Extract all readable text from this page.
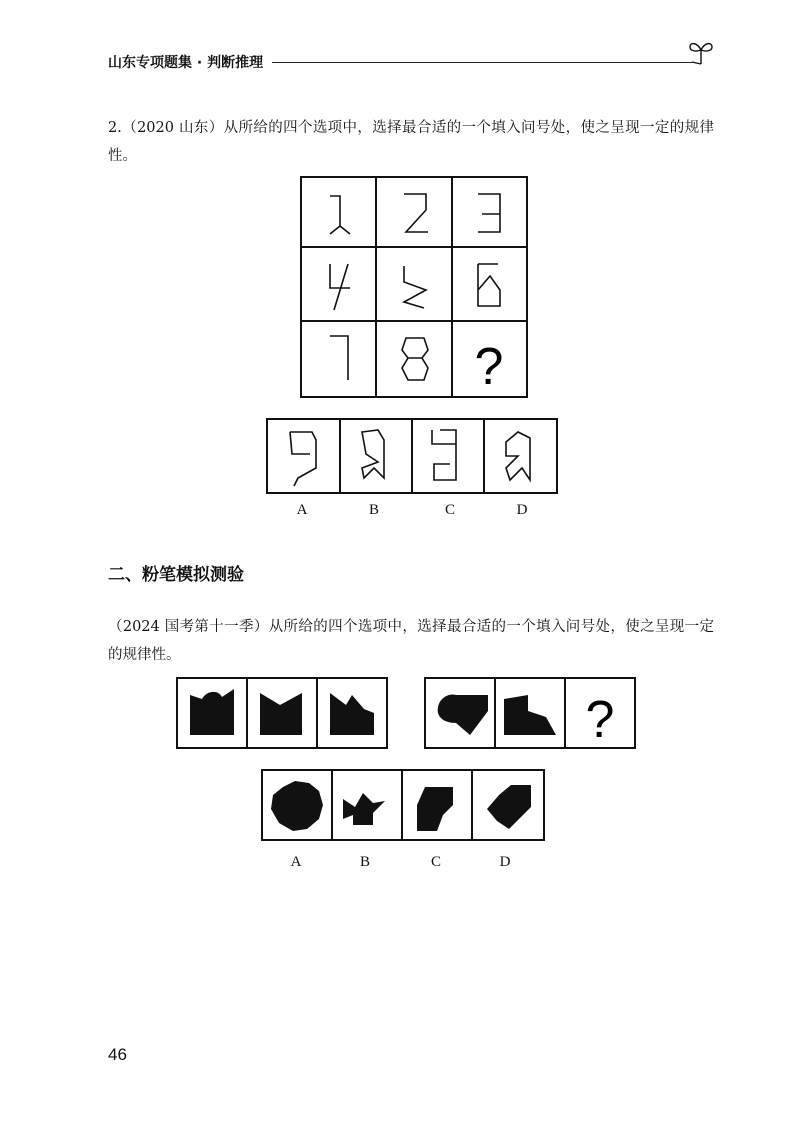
山东专项题集 · 判断推理
2.（2020 山东）从所给的四个选项中，选择最合适的一个填入问号处，使之呈现一定的规律性。
?
A	B	C	D
二、粉笔模拟测验
（2024 国考第十一季）从所给的四个选项中，选择最合适的一个填入问号处，使之呈现一定的规律性。
?
A	B	C	D
46
